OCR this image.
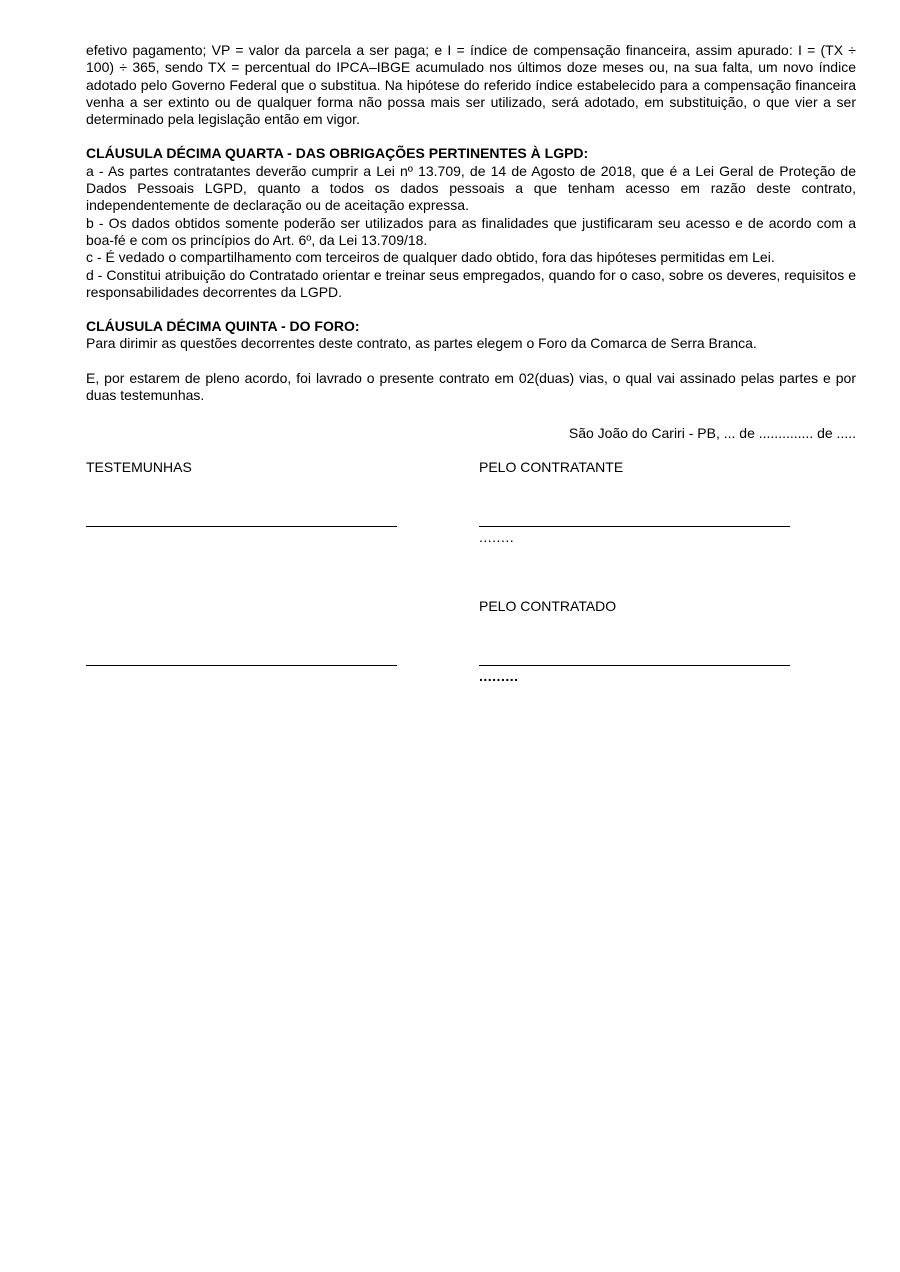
efetivo pagamento; VP = valor da parcela a ser paga; e I = índice de compensação financeira, assim apurado: I = (TX ÷ 100) ÷ 365, sendo TX = percentual do IPCA–IBGE acumulado nos últimos doze meses ou, na sua falta, um novo índice adotado pelo Governo Federal que o substitua. Na hipótese do referido índice estabelecido para a compensação financeira venha a ser extinto ou de qualquer forma não possa mais ser utilizado, será adotado, em substituição, o que vier a ser determinado pela legislação então em vigor.

CLÁUSULA DÉCIMA QUARTA - DAS OBRIGAÇÕES PERTINENTES À LGPD:

a - As partes contratantes deverão cumprir a Lei nº 13.709, de 14 de Agosto de 2018, que é a Lei Geral de Proteção de Dados Pessoais LGPD, quanto a todos os dados pessoais a que tenham acesso em razão deste contrato, independentemente de declaração ou de aceitação expressa.

b - Os dados obtidos somente poderão ser utilizados para as finalidades que justificaram seu acesso e de acordo com a boa-fé e com os princípios do Art. 6º, da Lei 13.709/18.

c - É vedado o compartilhamento com terceiros de qualquer dado obtido, fora das hipóteses permitidas em Lei.

d - Constitui atribuição do Contratado orientar e treinar seus empregados, quando for o caso, sobre os deveres, requisitos e responsabilidades decorrentes da LGPD.

CLÁUSULA DÉCIMA QUINTA - DO FORO:

Para dirimir as questões decorrentes deste contrato, as partes elegem o Foro da Comarca de Serra Branca.

E, por estarem de pleno acordo, foi lavrado o presente contrato em 02(duas) vias, o qual vai assinado pelas partes e por duas testemunhas.

São João do Cariri - PB, ... de .............. de .....
TESTEMUNHAS	PELO CONTRATANTE
........
PELO CONTRATADO
.........
